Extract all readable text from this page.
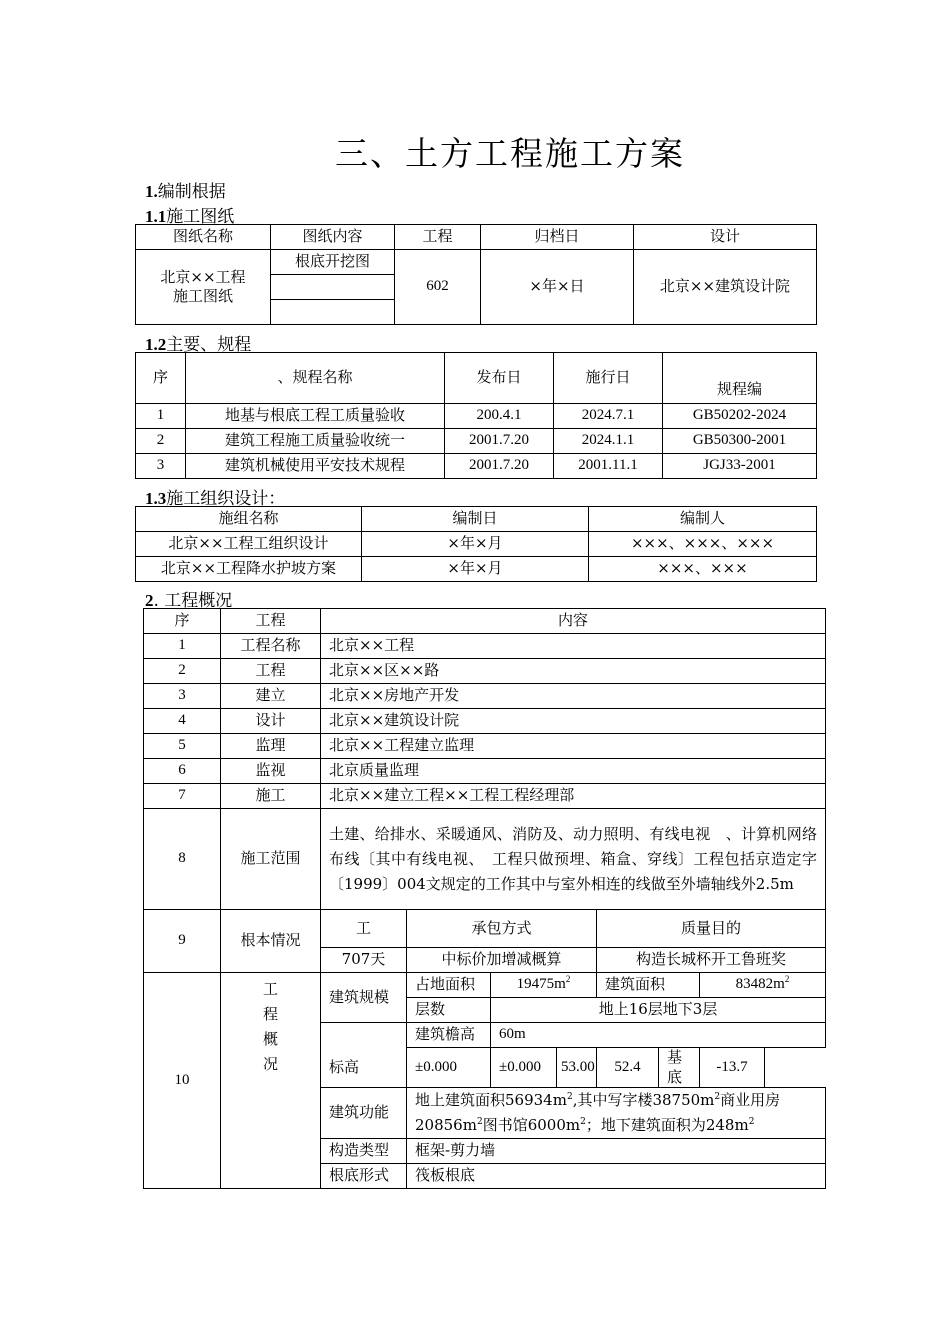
三、土方工程施工方案
1.编制根据
1.1施工图纸
图纸名称	图纸内容	工程	归档日	设计
北京××工程
施工图纸	根底开挖图	602	×年×日	北京××建筑设计院

1.2主要、规程
序	、规程名称	发布日	施行日	规程编
1	地基与根底工程工质量验收	200.4.1	2024.7.1	GB50202-2024
2	建筑工程施工质量验收统一	2001.7.20	2024.1.1	GB50300-2001
3	建筑机械使用平安技术规程	2001.7.20	2001.11.1	JGJ33-2001
1.3施工组织设计：
施组名称	编制日	编制人
北京××工程工组织设计	×年×月	×××、×××、×××
北京××工程降水护坡方案	×年×月	×××、×××
2. 工程概况
序	工程	内容						
1	工程名称	北京××工程						
2	工程	北京××区××路						
3	建立	北京××房地产开发						
4	设计	北京××建筑设计院						
5	监理	北京××工程建立监理						
6	监视	北京质量监理						
7	施工	北京××建立工程××工程工程经理部						
8	施工范围	土建、给排水、采暖通风、消防及、动力照明、有线电视　、计算机网络布线〔其中有线电视、　工程只做预埋、箱盒、穿线〕工程包括京造定字〔1999〕004文规定的工作其中与室外相连的线做至外墙轴线外2.5m						
9	根本情况	工	承包方式			质量目的		
		707天	中标价加增减概算			构造长城杯开工鲁班奖		
10	工
程
概
况	建筑规模	占地面积	$19475m^2$		建筑面积		$83482m^2$
			层数	地上16层地下3层				
			建筑檐高	60m				
		标高	±0.000	±0.000	53.00	52.4	基底	-13.7
		建筑功能	地上建筑面积$56934m^2$,其中写字楼$38750m^2$商业用房$20856m^2$图书馆$6000m^2$；地下建筑面积为$248m^2$
		构造类型	框架-剪力墙					
		根底形式	筏板根底					
